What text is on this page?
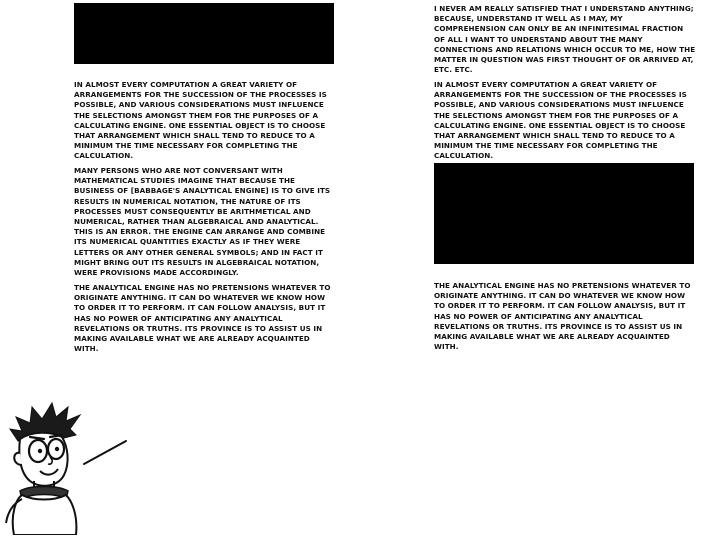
IN ALMOST EVERY COMPUTATION A GREAT VARIETY OF ARRANGEMENTS FOR THE SUCCESSION OF THE PROCESSES IS POSSIBLE, AND VARIOUS CONSIDERATIONS MUST INFLUENCE THE SELECTIONS AMONGST THEM FOR THE PURPOSES OF A CALCULATING ENGINE. ONE ESSENTIAL OBJECT IS TO CHOOSE THAT ARRANGEMENT WHICH SHALL TEND TO REDUCE TO A MINIMUM THE TIME NECESSARY FOR COMPLETING THE CALCULATION.

MANY PERSONS WHO ARE NOT CONVERSANT WITH MATHEMATICAL STUDIES IMAGINE THAT BECAUSE THE BUSINESS OF [BABBAGE'S ANALYTICAL ENGINE] IS TO GIVE ITS RESULTS IN NUMERICAL NOTATION, THE NATURE OF ITS PROCESSES MUST CONSEQUENTLY BE ARITHMETICAL AND NUMERICAL, RATHER THAN ALGEBRAICAL AND ANALYTICAL. THIS IS AN ERROR. THE ENGINE CAN ARRANGE AND COMBINE ITS NUMERICAL QUANTITIES EXACTLY AS IF THEY WERE LETTERS OR ANY OTHER GENERAL SYMBOLS; AND IN FACT IT MIGHT BRING OUT ITS RESULTS IN ALGEBRAICAL NOTATION, WERE PROVISIONS MADE ACCORDINGLY.

THE ANALYTICAL ENGINE HAS NO PRETENSIONS WHATEVER TO ORIGINATE ANYTHING. IT CAN DO WHATEVER WE KNOW HOW TO ORDER IT TO PERFORM. IT CAN FOLLOW ANALYSIS, BUT IT HAS NO POWER OF ANTICIPATING ANY ANALYTICAL REVELATIONS OR TRUTHS. ITS PROVINCE IS TO ASSIST US IN MAKING AVAILABLE WHAT WE ARE ALREADY ACQUAINTED WITH.

I NEVER AM REALLY SATISFIED THAT I UNDERSTAND ANYTHING; BECAUSE, UNDERSTAND IT WELL AS I MAY, MY COMPREHENSION CAN ONLY BE AN INFINITESIMAL FRACTION OF ALL I WANT TO UNDERSTAND ABOUT THE MANY CONNECTIONS AND RELATIONS WHICH OCCUR TO ME, HOW THE MATTER IN QUESTION WAS FIRST THOUGHT OF OR ARRIVED AT, ETC. ETC.

IN ALMOST EVERY COMPUTATION A GREAT VARIETY OF ARRANGEMENTS FOR THE SUCCESSION OF THE PROCESSES IS POSSIBLE, AND VARIOUS CONSIDERATIONS MUST INFLUENCE THE SELECTIONS AMONGST THEM FOR THE PURPOSES OF A CALCULATING ENGINE. ONE ESSENTIAL OBJECT IS TO CHOOSE THAT ARRANGEMENT WHICH SHALL TEND TO REDUCE TO A MINIMUM THE TIME NECESSARY FOR COMPLETING THE CALCULATION.

THE ANALYTICAL ENGINE HAS NO PRETENSIONS WHATEVER TO ORIGINATE ANYTHING. IT CAN DO WHATEVER WE KNOW HOW TO ORDER IT TO PERFORM. IT CAN FOLLOW ANALYSIS, BUT IT HAS NO POWER OF ANTICIPATING ANY ANALYTICAL REVELATIONS OR TRUTHS. ITS PROVINCE IS TO ASSIST US IN MAKING AVAILABLE WHAT WE ARE ALREADY ACQUAINTED WITH.
